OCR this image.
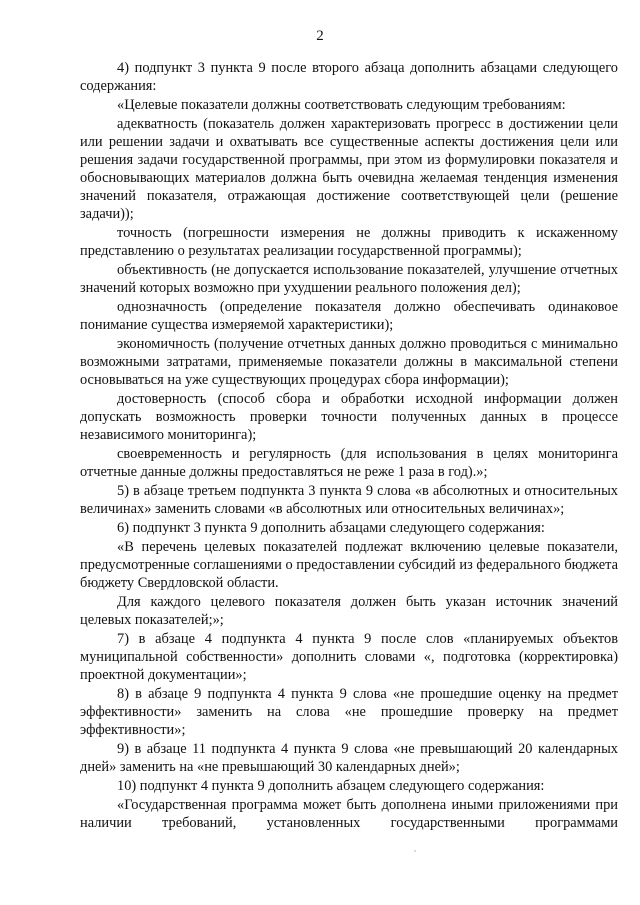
2

4) подпункт 3 пункта 9 после второго абзаца дополнить абзацами следующего содержания:

«Целевые показатели должны соответствовать следующим требованиям:

адекватность (показатель должен характеризовать прогресс в достижении цели или решении задачи и охватывать все существенные аспекты достижения цели или решения задачи государственной программы, при этом из формулировки показателя и обосновывающих материалов должна быть очевидна желаемая тенденция изменения значений показателя, отражающая достижение соответствующей цели (решение задачи));

точность (погрешности измерения не должны приводить к искаженному представлению о результатах реализации государственной программы);

объективность (не допускается использование показателей, улучшение отчетных значений которых возможно при ухудшении реального положения дел);

однозначность (определение показателя должно обеспечивать одинаковое понимание существа измеряемой характеристики);

экономичность (получение отчетных данных должно проводиться с минимально возможными затратами, применяемые показатели должны в максимальной степени основываться на уже существующих процедурах сбора информации);

достоверность (способ сбора и обработки исходной информации должен допускать возможность проверки точности полученных данных в процессе независимого мониторинга);

своевременность и регулярность (для использования в целях мониторинга отчетные данные должны предоставляться не реже 1 раза в год).»;

5) в абзаце третьем подпункта 3 пункта 9 слова «в абсолютных и относительных величинах» заменить словами «в абсолютных или относительных величинах»;

6) подпункт 3 пункта 9 дополнить абзацами следующего содержания:

«В перечень целевых показателей подлежат включению целевые показатели, предусмотренные соглашениями о предоставлении субсидий из федерального бюджета бюджету Свердловской области.

Для каждого целевого показателя должен быть указан источник значений целевых показателей;»;

7) в абзаце 4 подпункта 4 пункта 9 после слов «планируемых объектов муниципальной собственности» дополнить словами «, подготовка (корректировка) проектной документации»;

8) в абзаце 9 подпункта 4 пункта 9 слова «не прошедшие оценку на предмет эффективности» заменить на слова «не прошедшие проверку на предмет эффективности»;

9) в абзаце 11 подпункта 4 пункта 9 слова «не превышающий 20 календарных дней» заменить на «не превышающий 30 календарных дней»;

10) подпункт 4 пункта 9 дополнить абзацем следующего содержания:

«Государственная программа может быть дополнена иными приложениями при наличии требований, установленных государственными программами
